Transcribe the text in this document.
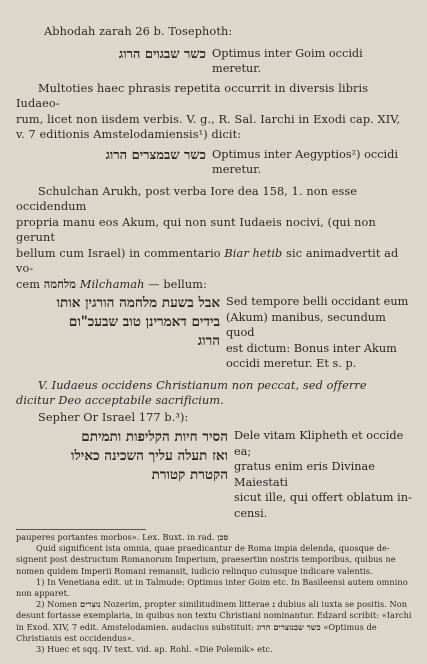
Abhodah zarah 26 b. Tosephoth:
כשר שבגוים הרוג Optimus inter Goim occidi
meretur.
Multoties haec phrasis repetita occurrit in diversis libris Iudaeo-
rum, licet non iisdem verbis. V. g., R. Sal. Iarchi in Exodi cap. XIV,
v. 7 editionis Amstelodamiensis¹) dicit:
כשר שבמצרים הרוג Optimus inter Aegyptios²) occidi
meretur.
Schulchan Arukh, post verba Iore dea 158, 1. non esse occidendum
propria manu eos Akum, qui non sunt Iudaeis nocivi, (qui non gerunt
bellum cum Israel) in commentario Biar hetib sic animadvertit ad vo-
cem מלחמה Milchamah — bellum:
אבל בשעת מלחמה הורגין אותו
בידים דאמרינן טוב שבעכ"ום
הרוג
Sed tempore belli occidant eum
(Akum) manibus, secundum quod
est dictum: Bonus inter Akum
occidi meretur. Et s. p.
V. Iudaeus occidens Christianum non peccat, sed offerre
dicitur Deo acceptabile sacrificium.
Sepher Or Israel 177 b.³):
הסיר חיות הקליפות ותמיתם
ואז תעלה עליך השכינה כאילו
הקטרת קטורת
Dele vitam Klipheth et occide ea;
gratus enim eris Divinae Maiestati
sicut ille, qui offert oblatum in-
censi.
pauperes portantes morbos». Lex. Buxt. in rad. סכן
Quid significent ista omnia, quae praedicantur de Roma impia delenda, quosque de-signent post destructum Romanorum Imperium, praesertim nostris temporibus, quibus ne nomen quidem Imperii Romani remansit, iudicio relinquo cuiusque indicare valentis.
1) In Venetiana edit. ut in Talmude: Optimus inter Goim etc. In Basileensi autem omnino non apparet.
2) Nomen נוצרים Nozerim, propter similitudinem litterae נ dubius ali iuxta se positis. Non desunt fortasse exemplaria, in quibus non textu Christiani nominantur. Edzard scribit: «Iarchi in Exod. XIV, 7 edit. Amstelodamien. audacius substituit: כשר שבנוצרים הרוג «Optimus de Christianis est occidendus».
3) Huec et sqq. IV text. vid. ap. Rohl. «Die Polemik» etc.
